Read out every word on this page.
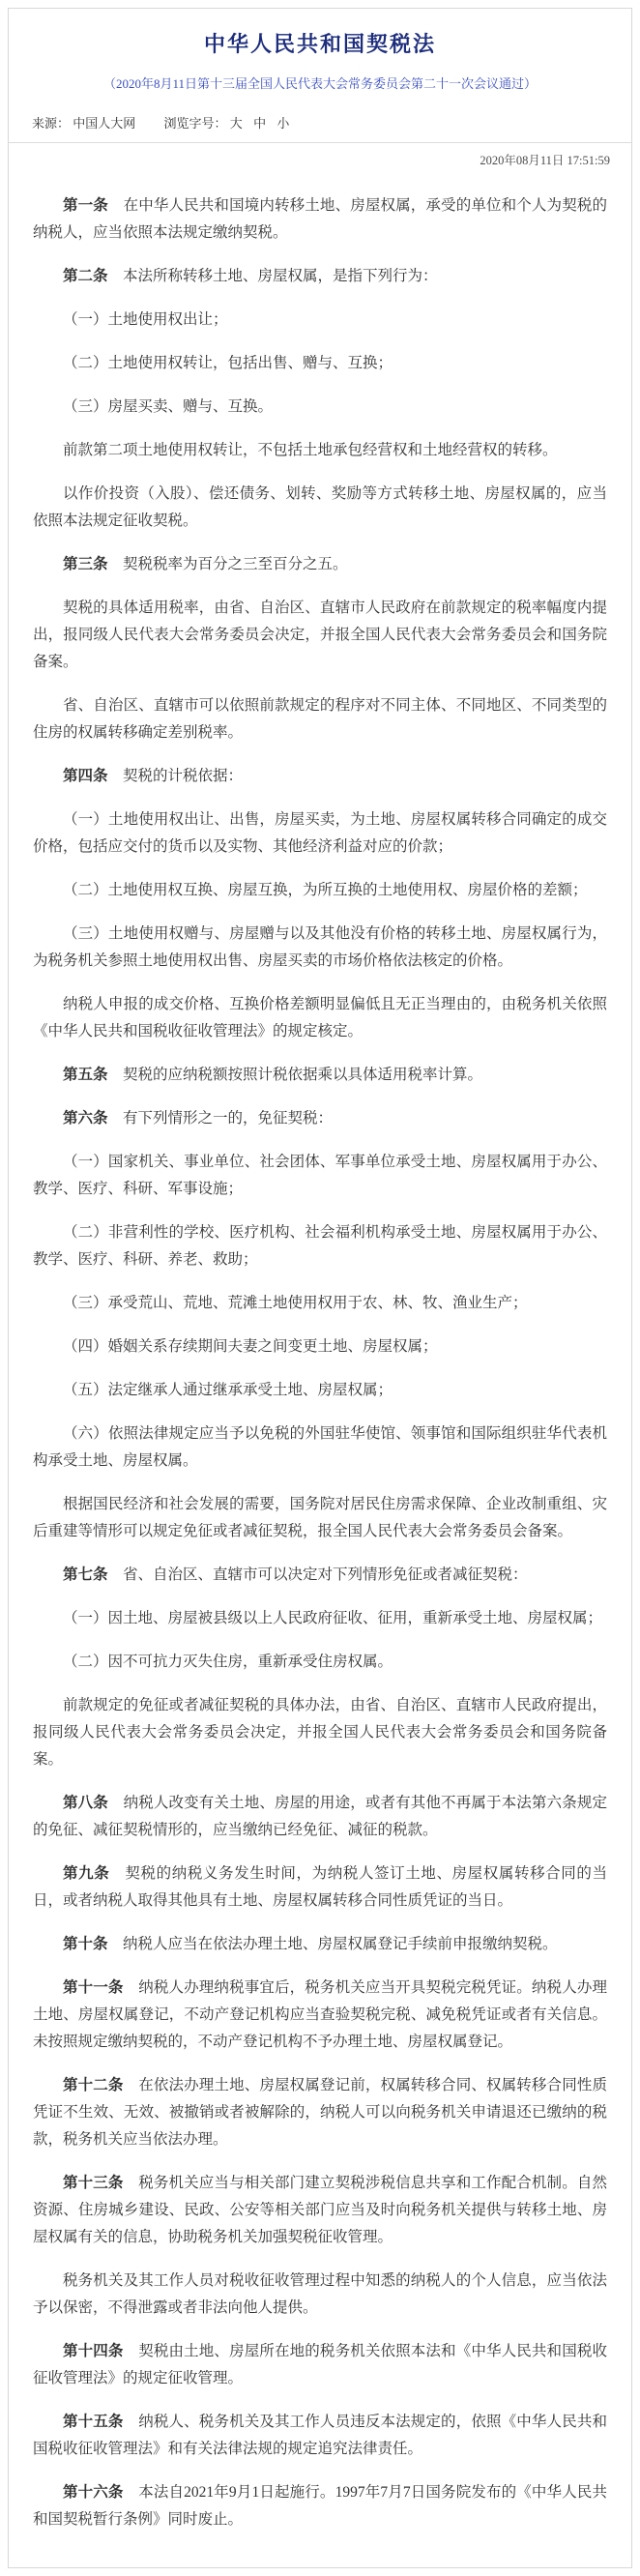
中华人民共和国契税法
（2020年8月11日第十三届全国人民代表大会常务委员会第二十一次会议通过）
来源： 中国人大网 浏览字号： 大 中 小
2020年08月11日 17:51:59

第一条　在中华人民共和国境内转移土地、房屋权属，承受的单位和个人为契税的纳税人，应当依照本法规定缴纳契税。

第二条　本法所称转移土地、房屋权属，是指下列行为：

（一）土地使用权出让；

（二）土地使用权转让，包括出售、赠与、互换；

（三）房屋买卖、赠与、互换。

前款第二项土地使用权转让，不包括土地承包经营权和土地经营权的转移。

以作价投资（入股）、偿还债务、划转、奖励等方式转移土地、房屋权属的，应当依照本法规定征收契税。

第三条　契税税率为百分之三至百分之五。

契税的具体适用税率，由省、自治区、直辖市人民政府在前款规定的税率幅度内提出，报同级人民代表大会常务委员会决定，并报全国人民代表大会常务委员会和国务院备案。

省、自治区、直辖市可以依照前款规定的程序对不同主体、不同地区、不同类型的住房的权属转移确定差别税率。

第四条　契税的计税依据：

（一）土地使用权出让、出售，房屋买卖，为土地、房屋权属转移合同确定的成交价格，包括应交付的货币以及实物、其他经济利益对应的价款；

（二）土地使用权互换、房屋互换，为所互换的土地使用权、房屋价格的差额；

（三）土地使用权赠与、房屋赠与以及其他没有价格的转移土地、房屋权属行为，为税务机关参照土地使用权出售、房屋买卖的市场价格依法核定的价格。

纳税人申报的成交价格、互换价格差额明显偏低且无正当理由的，由税务机关依照《中华人民共和国税收征收管理法》的规定核定。

第五条　契税的应纳税额按照计税依据乘以具体适用税率计算。

第六条　有下列情形之一的，免征契税：

（一）国家机关、事业单位、社会团体、军事单位承受土地、房屋权属用于办公、教学、医疗、科研、军事设施；

（二）非营利性的学校、医疗机构、社会福利机构承受土地、房屋权属用于办公、教学、医疗、科研、养老、救助；

（三）承受荒山、荒地、荒滩土地使用权用于农、林、牧、渔业生产；

（四）婚姻关系存续期间夫妻之间变更土地、房屋权属；

（五）法定继承人通过继承承受土地、房屋权属；

（六）依照法律规定应当予以免税的外国驻华使馆、领事馆和国际组织驻华代表机构承受土地、房屋权属。

根据国民经济和社会发展的需要，国务院对居民住房需求保障、企业改制重组、灾后重建等情形可以规定免征或者减征契税，报全国人民代表大会常务委员会备案。

第七条　省、自治区、直辖市可以决定对下列情形免征或者减征契税：

（一）因土地、房屋被县级以上人民政府征收、征用，重新承受土地、房屋权属；

（二）因不可抗力灭失住房，重新承受住房权属。

前款规定的免征或者减征契税的具体办法，由省、自治区、直辖市人民政府提出，报同级人民代表大会常务委员会决定，并报全国人民代表大会常务委员会和国务院备案。

第八条　纳税人改变有关土地、房屋的用途，或者有其他不再属于本法第六条规定的免征、减征契税情形的，应当缴纳已经免征、减征的税款。

第九条　契税的纳税义务发生时间，为纳税人签订土地、房屋权属转移合同的当日，或者纳税人取得其他具有土地、房屋权属转移合同性质凭证的当日。

第十条　纳税人应当在依法办理土地、房屋权属登记手续前申报缴纳契税。

第十一条　纳税人办理纳税事宜后，税务机关应当开具契税完税凭证。纳税人办理土地、房屋权属登记，不动产登记机构应当查验契税完税、减免税凭证或者有关信息。未按照规定缴纳契税的，不动产登记机构不予办理土地、房屋权属登记。

第十二条　在依法办理土地、房屋权属登记前，权属转移合同、权属转移合同性质凭证不生效、无效、被撤销或者被解除的，纳税人可以向税务机关申请退还已缴纳的税款，税务机关应当依法办理。

第十三条　税务机关应当与相关部门建立契税涉税信息共享和工作配合机制。自然资源、住房城乡建设、民政、公安等相关部门应当及时向税务机关提供与转移土地、房屋权属有关的信息，协助税务机关加强契税征收管理。

税务机关及其工作人员对税收征收管理过程中知悉的纳税人的个人信息，应当依法予以保密，不得泄露或者非法向他人提供。

第十四条　契税由土地、房屋所在地的税务机关依照本法和《中华人民共和国税收征收管理法》的规定征收管理。

第十五条　纳税人、税务机关及其工作人员违反本法规定的，依照《中华人民共和国税收征收管理法》和有关法律法规的规定追究法律责任。

第十六条　本法自2021年9月1日起施行。1997年7月7日国务院发布的《中华人民共和国契税暂行条例》同时废止。
